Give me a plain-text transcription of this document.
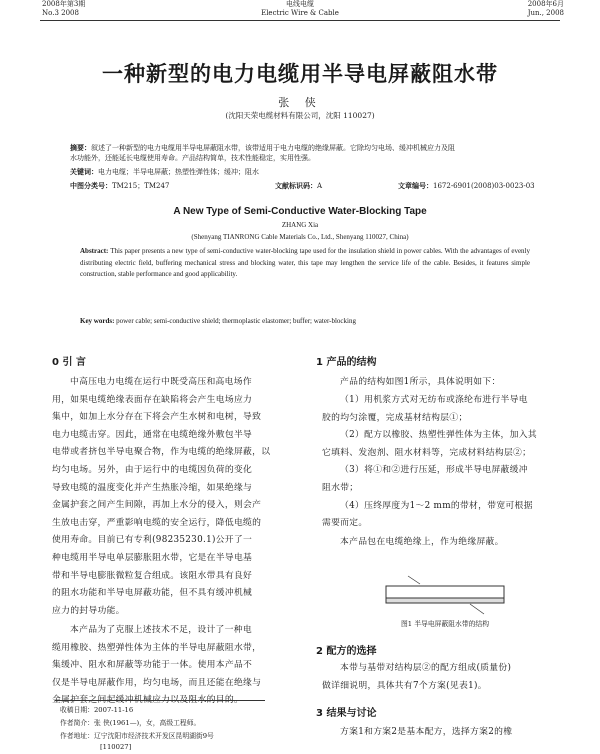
2008年第3期
No.3 2008
电线电缆
Electric Wire & Cable
2008年6月
Jun., 2008
一种新型的电力电缆用半导电屏蔽阻水带
张 侠
(沈阳天荣电缆材料有限公司，沈阳 110027)
摘要：叙述了一种新型的电力电缆用半导电屏蔽阻水带，该带适用于电力电缆的绝缘屏蔽。它除均匀电场、缓冲机械应力及阻
水功能外，还能延长电缆使用寿命。产品结构简单，技术性能稳定，实用性强。
关键词：电力电缆；半导电屏蔽；热塑性弹性体；缓冲；阻水
中图分类号：TM215；TM247	文献标识码：A	文章编号：1672-6901(2008)03-0023-03
A New Type of Semi-Conductive Water-Blocking Tape
ZHANG Xia
(Shenyang TIANRONG Cable Materials Co., Ltd., Shenyang 110027, China)
Abstract: This paper presents a new type of semi-conductive water-blocking tape used for the insulation shield in power cables. With the advantages of evenly distributing electric field, buffering mechanical stress and blocking water, this tape may lengthen the service life of the cable. Besides, it features simple construction, stable performance and good applicability.
Key words: power cable; semi-conductive shield; thermoplastic elastomer; buffer; water-blocking
0 引 言
中高压电力电缆在运行中既受高压和高电场作
用，如果电缆绝缘表面存在缺陷将会产生电场应力
集中，如加上水分存在下将会产生水树和电树，导致
电力电缆击穿。因此，通常在电缆绝缘外敷包半导
电带或者挤包半导电聚合物，作为电缆的绝缘屏蔽，以
均匀电场。另外，由于运行中的电缆因负荷的变化
导致电缆的温度变化并产生热胀冷缩，如果绝缘与
金属护套之间产生间隙，再加上水分的侵入，则会产
生放电击穿，严重影响电缆的安全运行，降低电缆的
使用寿命。目前已有专利(98235230.1)公开了一
种电缆用半导电单层膨胀阻水带，它是在半导电基
带和半导电膨胀微粒复合组成。该阻水带具有良好
的阻水功能和半导电屏蔽功能，但不具有缓冲机械
应力的封导功能。
本产品为了克服上述技术不足，设计了一种电
缆用橡胶、热塑弹性体为主体的半导电屏蔽阻水带，
集缓冲、阻水和屏蔽等功能于一体。使用本产品不
仅是半导电屏蔽作用，均匀电场，而且还能在绝缘与
金属护套之间起缓冲机械应力以及阻水的目的。
收稿日期：2007-11-16
作者简介：张 侠(1961—)，女，高级工程师。
作者地址：辽宁沈阳市经济技术开发区昆明湖街9号
[110027]
1 产品的结构
产品的结构如图1所示，具体说明如下：
（1）用机浆方式对无纺布或涤纶布进行半导电
胶的均匀涂覆，完成基材结构层①；
（2）配方以橡胶、热塑性弹性体为主体，加入其
它填料、发泡剂、阻水材料等，完成材料结构层②；
（3）将①和②进行压延，形成半导电屏蔽缓冲
阻水带；
（4）压终厚度为1～2 mm的带材，带宽可根据
需要而定。
本产品包在电缆绝缘上，作为绝缘屏蔽。
图1 半导电屏蔽阻水带的结构
2 配方的选择
本带与基带对结构层②的配方组成(质量份)
做详细说明，具体共有7个方案(见表1)。
3 结果与讨论
方案1和方案2是基本配方，选择方案2的橡
